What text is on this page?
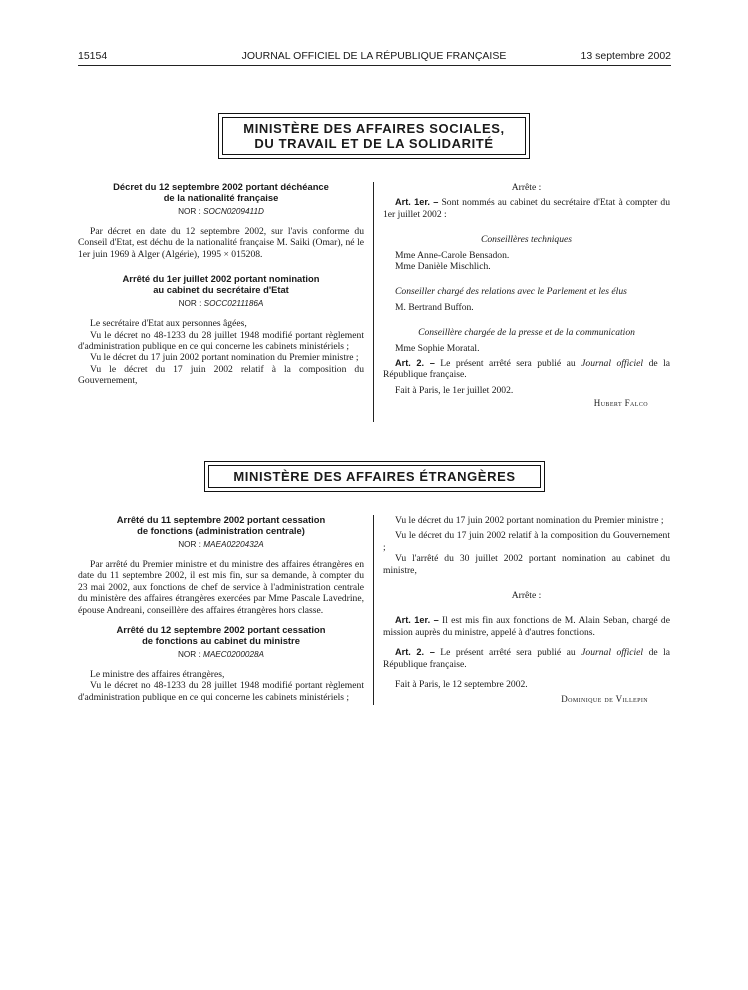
15154	JOURNAL OFFICIEL DE LA RÉPUBLIQUE FRANÇAISE	13 septembre 2002
MINISTÈRE DES AFFAIRES SOCIALES,
DU TRAVAIL ET DE LA SOLIDARITÉ

Décret du 12 septembre 2002 portant déchéance
de la nationalité française

NOR : SOCN0209411D

Par décret en date du 12 septembre 2002, sur l'avis conforme du Conseil d'Etat, est déchu de la nationalité française M. Saiki (Omar), né le 1er juin 1969 à Alger (Algérie), 1995 × 015208.

Arrêté du 1er juillet 2002 portant nomination
au cabinet du secrétaire d'Etat

NOR : SOCC0211186A

Le secrétaire d'Etat aux personnes âgées,

Vu le décret no 48-1233 du 28 juillet 1948 modifié portant règlement d'administration publique en ce qui concerne les cabinets ministériels ;

Vu le décret du 17 juin 2002 portant nomination du Premier ministre ;

Vu le décret du 17 juin 2002 relatif à la composition du Gouvernement,

Arrête :

Art. 1er. – Sont nommés au cabinet du secrétaire d'Etat à compter du 1er juillet 2002 :

Conseillères techniques

Mme Anne-Carole Bensadon.

Mme Danièle Mischlich.

Conseiller chargé des relations avec le Parlement et les élus

M. Bertrand Buffon.

Conseillère chargée de la presse et de la communication

Mme Sophie Moratal.

Art. 2. – Le présent arrêté sera publié au Journal officiel de la République française.

Fait à Paris, le 1er juillet 2002.

Hubert Falco

MINISTÈRE DES AFFAIRES ÉTRANGÈRES

Arrêté du 11 septembre 2002 portant cessation
de fonctions (administration centrale)

NOR : MAEA0220432A

Par arrêté du Premier ministre et du ministre des affaires étrangères en date du 11 septembre 2002, il est mis fin, sur sa demande, à compter du 23 mai 2002, aux fonctions de chef de service à l'administration centrale du ministère des affaires étrangères exercées par Mme Pascale Lavedrine, épouse Andreani, conseillère des affaires étrangères hors classe.

Arrêté du 12 septembre 2002 portant cessation
de fonctions au cabinet du ministre

NOR : MAEC0200028A

Le ministre des affaires étrangères,

Vu le décret no 48-1233 du 28 juillet 1948 modifié portant règlement d'administration publique en ce qui concerne les cabinets ministériels ;

Vu le décret du 17 juin 2002 portant nomination du Premier ministre ;

Vu le décret du 17 juin 2002 relatif à la composition du Gouvernement ;

Vu l'arrêté du 30 juillet 2002 portant nomination au cabinet du ministre,

Arrête :

Art. 1er. – Il est mis fin aux fonctions de M. Alain Seban, chargé de mission auprès du ministre, appelé à d'autres fonctions.

Art. 2. – Le présent arrêté sera publié au Journal officiel de la République française.

Fait à Paris, le 12 septembre 2002.

Dominique de Villepin
